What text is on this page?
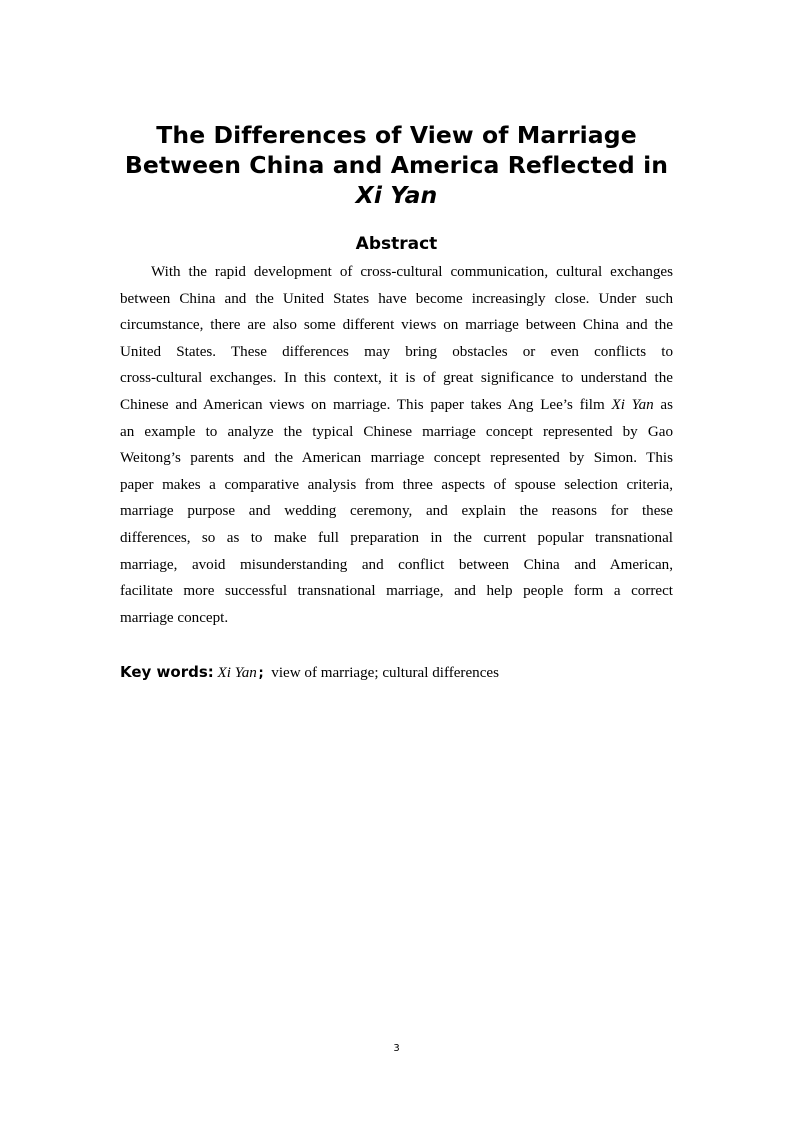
The Differences of View of Marriage
Between China and America Reflected in
Xi Yan
Abstract
With the rapid development of cross-cultural communication, cultural exchanges
between China and the United States have become increasingly close. Under such
circumstance, there are also some different views on marriage between China and the
United States. These differences may bring obstacles or even conflicts to
cross-cultural exchanges. In this context, it is of great significance to understand the
Chinese and American views on marriage. This paper takes Ang Lee’s film Xi Yan as
an example to analyze the typical Chinese marriage concept represented by Gao
Weitong’s parents and the American marriage concept represented by Simon. This
paper makes a comparative analysis from three aspects of spouse selection criteria,
marriage purpose and wedding ceremony, and explain the reasons for these
differences, so as to make full preparation in the current popular transnational
marriage, avoid misunderstanding and conflict between China and American,
facilitate more successful transnational marriage, and help people form a correct
marriage concept.
Key words: Xi Yan; view of marriage; cultural differences
3
